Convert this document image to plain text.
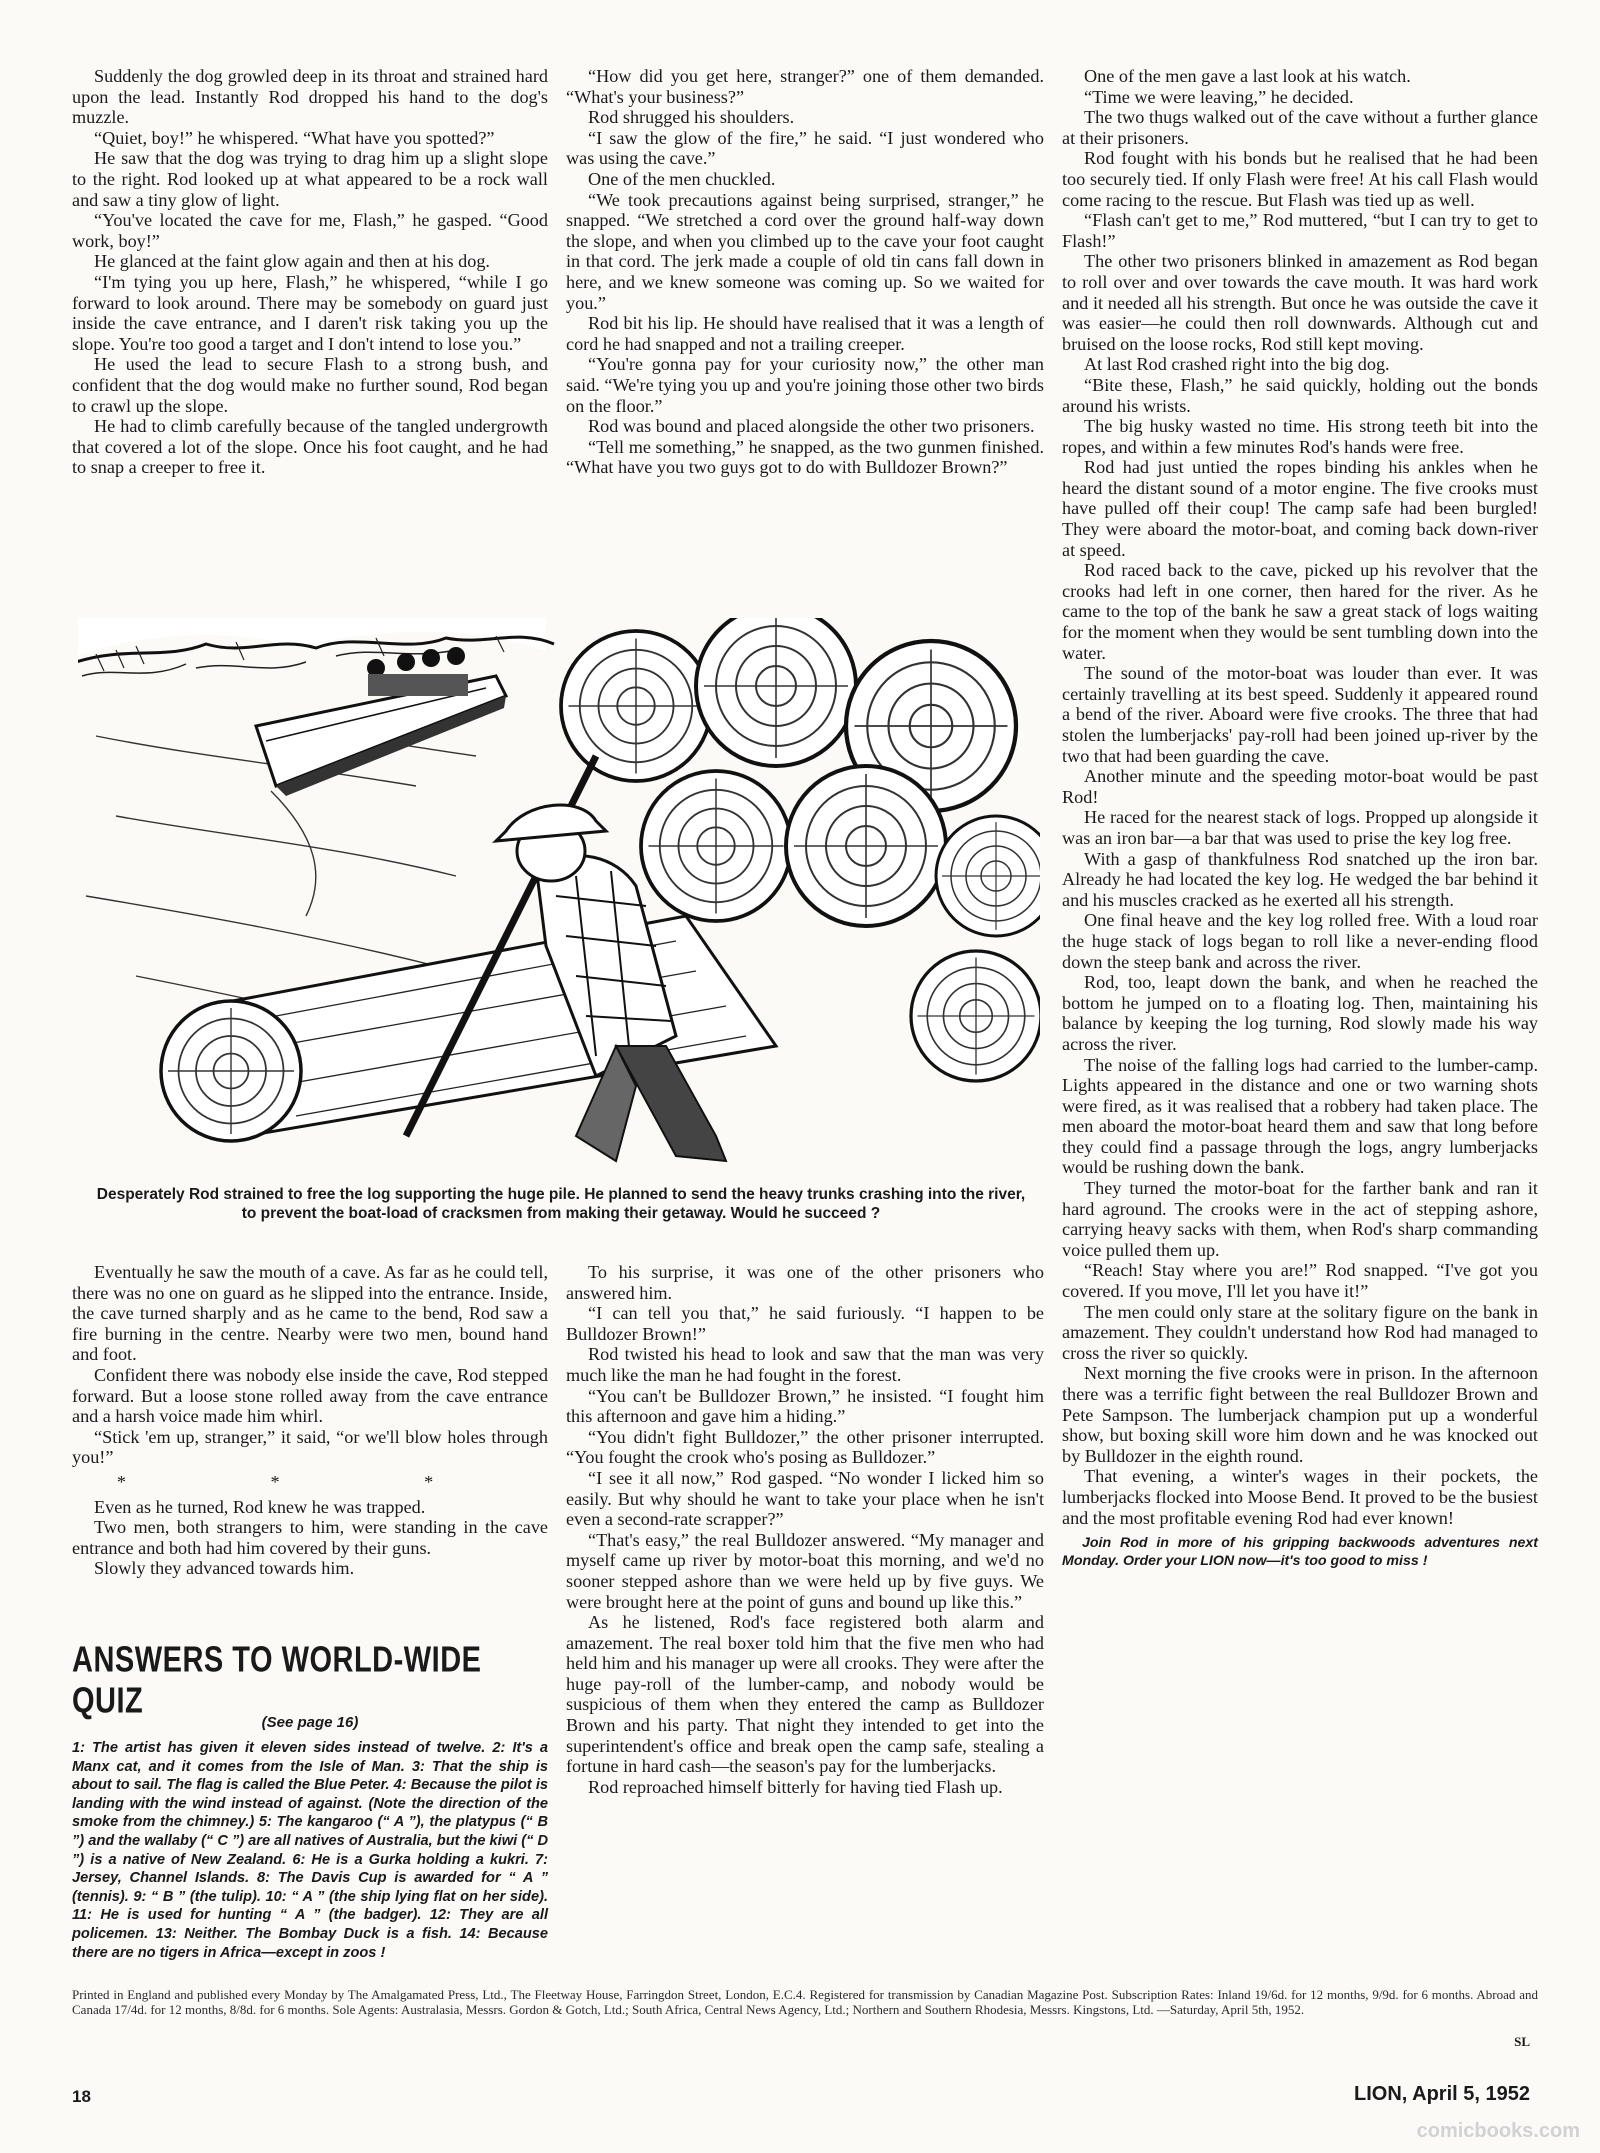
Suddenly the dog growled deep in its throat and strained hard upon the lead. Instantly Rod dropped his hand to the dog's muzzle.

“Quiet, boy!” he whispered. “What have you spotted?”

He saw that the dog was trying to drag him up a slight slope to the right. Rod looked up at what appeared to be a rock wall and saw a tiny glow of light.

“You've located the cave for me, Flash,” he gasped. “Good work, boy!”

He glanced at the faint glow again and then at his dog.

“I'm tying you up here, Flash,” he whispered, “while I go forward to look around. There may be somebody on guard just inside the cave entrance, and I daren't risk taking you up the slope. You're too good a target and I don't intend to lose you.”

He used the lead to secure Flash to a strong bush, and confident that the dog would make no further sound, Rod began to crawl up the slope.

He had to climb carefully because of the tangled undergrowth that covered a lot of the slope. Once his foot caught, and he had to snap a creeper to free it.

“How did you get here, stranger?” one of them demanded. “What's your business?”

Rod shrugged his shoulders.

“I saw the glow of the fire,” he said. “I just wondered who was using the cave.”

One of the men chuckled.

“We took precautions against being surprised, stranger,” he snapped. “We stretched a cord over the ground half-way down the slope, and when you climbed up to the cave your foot caught in that cord. The jerk made a couple of old tin cans fall down in here, and we knew someone was coming up. So we waited for you.”

Rod bit his lip. He should have realised that it was a length of cord he had snapped and not a trailing creeper.

“You're gonna pay for your curiosity now,” the other man said. “We're tying you up and you're joining those other two birds on the floor.”

Rod was bound and placed alongside the other two prisoners.

“Tell me something,” he snapped, as the two gunmen finished. “What have you two guys got to do with Bulldozer Brown?”

One of the men gave a last look at his watch.

“Time we were leaving,” he decided.

The two thugs walked out of the cave without a further glance at their prisoners.

Rod fought with his bonds but he realised that he had been too securely tied. If only Flash were free! At his call Flash would come racing to the rescue. But Flash was tied up as well.

“Flash can't get to me,” Rod muttered, “but I can try to get to Flash!”

The other two prisoners blinked in amazement as Rod began to roll over and over towards the cave mouth. It was hard work and it needed all his strength. But once he was outside the cave it was easier—he could then roll downwards. Although cut and bruised on the loose rocks, Rod still kept moving.

At last Rod crashed right into the big dog.

“Bite these, Flash,” he said quickly, holding out the bonds around his wrists.

The big husky wasted no time. His strong teeth bit into the ropes, and within a few minutes Rod's hands were free.

Rod had just untied the ropes binding his ankles when he heard the distant sound of a motor engine. The five crooks must have pulled off their coup! The camp safe had been burgled! They were aboard the motor-boat, and coming back down-river at speed.

Rod raced back to the cave, picked up his revolver that the crooks had left in one corner, then hared for the river. As he came to the top of the bank he saw a great stack of logs waiting for the moment when they would be sent tumbling down into the water.

The sound of the motor-boat was louder than ever. It was certainly travelling at its best speed. Suddenly it appeared round a bend of the river. Aboard were five crooks. The three that had stolen the lumberjacks' pay-roll had been joined up-river by the two that had been guarding the cave.

Another minute and the speeding motor-boat would be past Rod!

He raced for the nearest stack of logs. Propped up alongside it was an iron bar—a bar that was used to prise the key log free.

With a gasp of thankfulness Rod snatched up the iron bar. Already he had located the key log. He wedged the bar behind it and his muscles cracked as he exerted all his strength.

One final heave and the key log rolled free. With a loud roar the huge stack of logs began to roll like a never-ending flood down the steep bank and across the river.

Rod, too, leapt down the bank, and when he reached the bottom he jumped on to a floating log. Then, maintaining his balance by keeping the log turning, Rod slowly made his way across the river.

The noise of the falling logs had carried to the lumber-camp. Lights appeared in the distance and one or two warning shots were fired, as it was realised that a robbery had taken place. The men aboard the motor-boat heard them and saw that long before they could find a passage through the logs, angry lumberjacks would be rushing down the bank.

They turned the motor-boat for the farther bank and ran it hard aground. The crooks were in the act of stepping ashore, carrying heavy sacks with them, when Rod's sharp commanding voice pulled them up.

“Reach! Stay where you are!” Rod snapped. “I've got you covered. If you move, I'll let you have it!”

The men could only stare at the solitary figure on the bank in amazement. They couldn't understand how Rod had managed to cross the river so quickly.

Next morning the five crooks were in prison. In the afternoon there was a terrific fight between the real Bulldozer Brown and Pete Sampson. The lumberjack champion put up a wonderful show, but boxing skill wore him down and he was knocked out by Bulldozer in the eighth round.

That evening, a winter's wages in their pockets, the lumberjacks flocked into Moose Bend. It proved to be the busiest and the most profitable evening Rod had ever known!

Join Rod in more of his gripping backwoods adventures next Monday. Order your LION now—it's too good to miss !

Desperately Rod strained to free the log supporting the huge pile. He planned to send the heavy trunks crashing into the river, to prevent the boat-load of cracksmen from making their getaway. Would he succeed ?

Eventually he saw the mouth of a cave. As far as he could tell, there was no one on guard as he slipped into the entrance. Inside, the cave turned sharply and as he came to the bend, Rod saw a fire burning in the centre. Nearby were two men, bound hand and foot.

Confident there was nobody else inside the cave, Rod stepped forward. But a loose stone rolled away from the cave entrance and a harsh voice made him whirl.

“Stick 'em up, stranger,” it said, “or we'll blow holes through you!”

* * *

Even as he turned, Rod knew he was trapped.

Two men, both strangers to him, were standing in the cave entrance and both had him covered by their guns.

Slowly they advanced towards him.

To his surprise, it was one of the other prisoners who answered him.

“I can tell you that,” he said furiously. “I happen to be Bulldozer Brown!”

Rod twisted his head to look and saw that the man was very much like the man he had fought in the forest.

“You can't be Bulldozer Brown,” he insisted. “I fought him this afternoon and gave him a hiding.”

“You didn't fight Bulldozer,” the other prisoner interrupted. “You fought the crook who's posing as Bulldozer.”

“I see it all now,” Rod gasped. “No wonder I licked him so easily. But why should he want to take your place when he isn't even a second-rate scrapper?”

“That's easy,” the real Bulldozer answered. “My manager and myself came up river by motor-boat this morning, and we'd no sooner stepped ashore than we were held up by five guys. We were brought here at the point of guns and bound up like this.”

As he listened, Rod's face registered both alarm and amazement. The real boxer told him that the five men who had held him and his manager up were all crooks. They were after the huge pay-roll of the lumber-camp, and nobody would be suspicious of them when they entered the camp as Bulldozer Brown and his party. That night they intended to get into the superintendent's office and break open the camp safe, stealing a fortune in hard cash—the season's pay for the lumberjacks.

Rod reproached himself bitterly for having tied Flash up.

ANSWERS TO WORLD-WIDE QUIZ
(See page 16)

1: The artist has given it eleven sides instead of twelve. 2: It's a Manx cat, and it comes from the Isle of Man. 3: That the ship is about to sail. The flag is called the Blue Peter. 4: Because the pilot is landing with the wind instead of against. (Note the direction of the smoke from the chimney.) 5: The kangaroo (“ A ”), the platypus (“ B ”) and the wallaby (“ C ”) are all natives of Australia, but the kiwi (“ D ”) is a native of New Zealand. 6: He is a Gurka holding a kukri. 7: Jersey, Channel Islands. 8: The Davis Cup is awarded for “ A ” (tennis). 9: “ B ” (the tulip). 10: “ A ” (the ship lying flat on her side). 11: He is used for hunting “ A ” (the badger). 12: They are all policemen. 13: Neither. The Bombay Duck is a fish. 14: Because there are no tigers in Africa—except in zoos !

Printed in England and published every Monday by The Amalgamated Press, Ltd., The Fleetway House, Farringdon Street, London, E.C.4. Registered for transmission by Canadian Magazine Post. Subscription Rates: Inland 19/6d. for 12 months, 9/9d. for 6 months. Abroad and Canada 17/4d. for 12 months, 8/8d. for 6 months. Sole Agents: Australasia, Messrs. Gordon & Gotch, Ltd.; South Africa, Central News Agency, Ltd.; Northern and Southern Rhodesia, Messrs. Kingstons, Ltd. —Saturday, April 5th, 1952.

SL
18	LION, April 5, 1952
comicbooks.com
